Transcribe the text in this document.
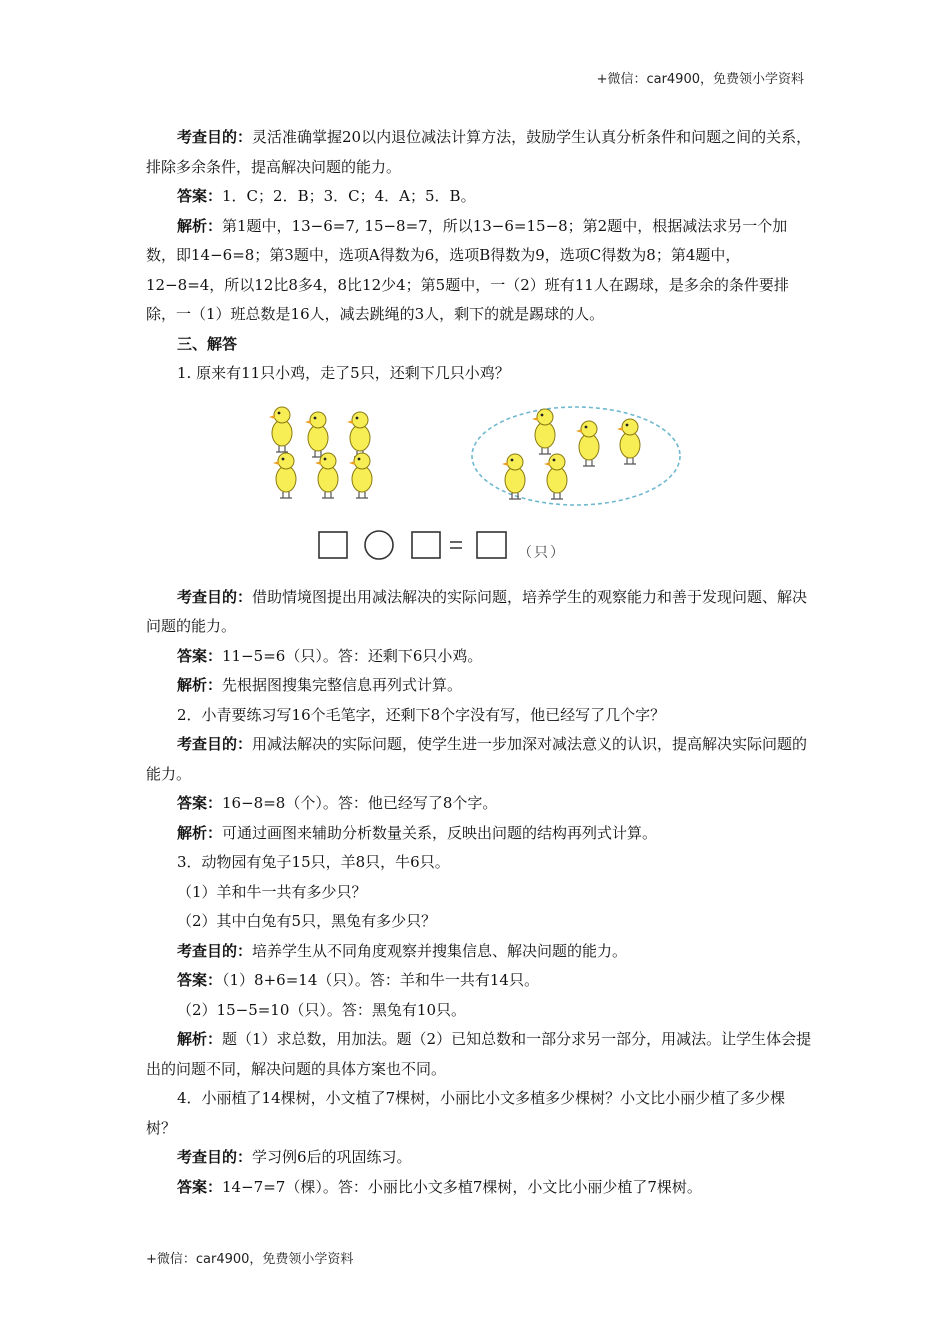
+微信：car4900，免费领小学资料

考查目的：灵活准确掌握20以内退位减法计算方法，鼓励学生认真分析条件和问题之间的关系，排除多余条件，提高解决问题的能力。

答案：1．C；2．B；3．C；4．A；5．B。

解析：第1题中，13−6=7, 15−8=7，所以13−6=15−8；第2题中，根据减法求另一个加数，即14−6=8；第3题中，选项A得数为6，选项B得数为9，选项C得数为8；第4题中，12−8=4，所以12比8多4，8比12少4；第5题中，一（2）班有11人在踢球，是多余的条件要排除，一（1）班总数是16人，减去跳绳的3人，剩下的就是踢球的人。

三、解答

1. 原来有11只小鸡，走了5只，还剩下几只小鸡？

（只）

考查目的：借助情境图提出用减法解决的实际问题，培养学生的观察能力和善于发现问题、解决问题的能力。

答案：11−5=6（只）。答：还剩下6只小鸡。

解析：先根据图搜集完整信息再列式计算。

2．小青要练习写16个毛笔字，还剩下8个字没有写，他已经写了几个字？

考查目的：用减法解决的实际问题，使学生进一步加深对减法意义的认识，提高解决实际问题的能力。

答案：16−8=8（个）。答：他已经写了8个字。

解析：可通过画图来辅助分析数量关系，反映出问题的结构再列式计算。

3．动物园有兔子15只，羊8只，牛6只。

（1）羊和牛一共有多少只？

（2）其中白兔有5只，黑兔有多少只？

考查目的：培养学生从不同角度观察并搜集信息、解决问题的能力。

答案：（1）8+6=14（只）。答：羊和牛一共有14只。

（2）15−5=10（只）。答：黑兔有10只。

解析：题（1）求总数，用加法。题（2）已知总数和一部分求另一部分，用减法。让学生体会提出的问题不同，解决问题的具体方案也不同。

4．小丽植了14棵树，小文植了7棵树，小丽比小文多植多少棵树？小文比小丽少植了多少棵树？

考查目的：学习例6后的巩固练习。

答案：14−7=7（棵）。答：小丽比小文多植7棵树，小文比小丽少植了7棵树。

+微信：car4900，免费领小学资料
